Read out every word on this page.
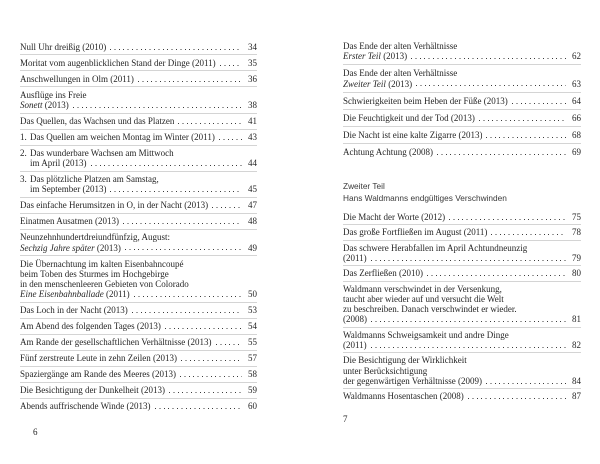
Null Uhr dreißig (2010)	34
Moritat vom augenblicklichen Stand der Dinge (2011)	35
Anschwellungen in Olm (2011)	36
Ausflüge ins Freie
Sonett (2013)	38
Das Quellen, das Wachsen und das Platzen	41
1. Das Quellen am weichen Montag im Winter (2011)	43
2. Das wunderbare Wachsen am Mittwoch
im April (2013)	44
3. Das plötzliche Platzen am Samstag,
im September (2013)	45
Das einfache Herumsitzen in O, in der Nacht (2013)	47
Einatmen Ausatmen (2013)	48
Neunzehnhundertdreiundfünfzig, August:
Sechzig Jahre später (2013)	49
Die Übernachtung im kalten Eisenbahncoupé
beim Toben des Sturmes im Hochgebirge
in den menschenleeren Gebieten von Colorado
Eine Eisenbahnballade (2011)	50
Das Loch in der Nacht (2013)	53
Am Abend des folgenden Tages (2013)	54
Am Rande der gesellschaftlichen Verhältnisse (2013)	55
Fünf zerstreute Leute in zehn Zeilen (2013)	57
Spaziergänge am Rande des Meeres (2013)	58
Die Besichtigung der Dunkelheit (2013)	59
Abends auffrischende Winde (2013)	60
6
Das Ende der alten Verhältnisse
Erster Teil (2013)	62
Das Ende der alten Verhältnisse
Zweiter Teil (2013)	63
Schwierigkeiten beim Heben der Füße (2013)	64
Die Feuchtigkeit und der Tod (2013)	66
Die Nacht ist eine kalte Zigarre (2013)	68
Achtung Achtung (2008)	69
Zweiter Teil
Hans Waldmanns endgültiges Verschwinden
Die Macht der Worte (2012)	75
Das große Fortfließen im August (2011)	78
Das schwere Herabfallen im April Achtundneunzig
(2011)	79
Das Zerfließen (2010)	80
Waldmann verschwindet in der Versenkung,
taucht aber wieder auf und versucht die Welt
zu beschreiben. Danach verschwindet er wieder.
(2008)	81
Waldmanns Schweigsamkeit und andre Dinge
(2011)	82
Die Besichtigung der Wirklichkeit
unter Berücksichtigung
der gegenwärtigen Verhältnisse (2009)	84
Waldmanns Hosentaschen (2008)	87
7
